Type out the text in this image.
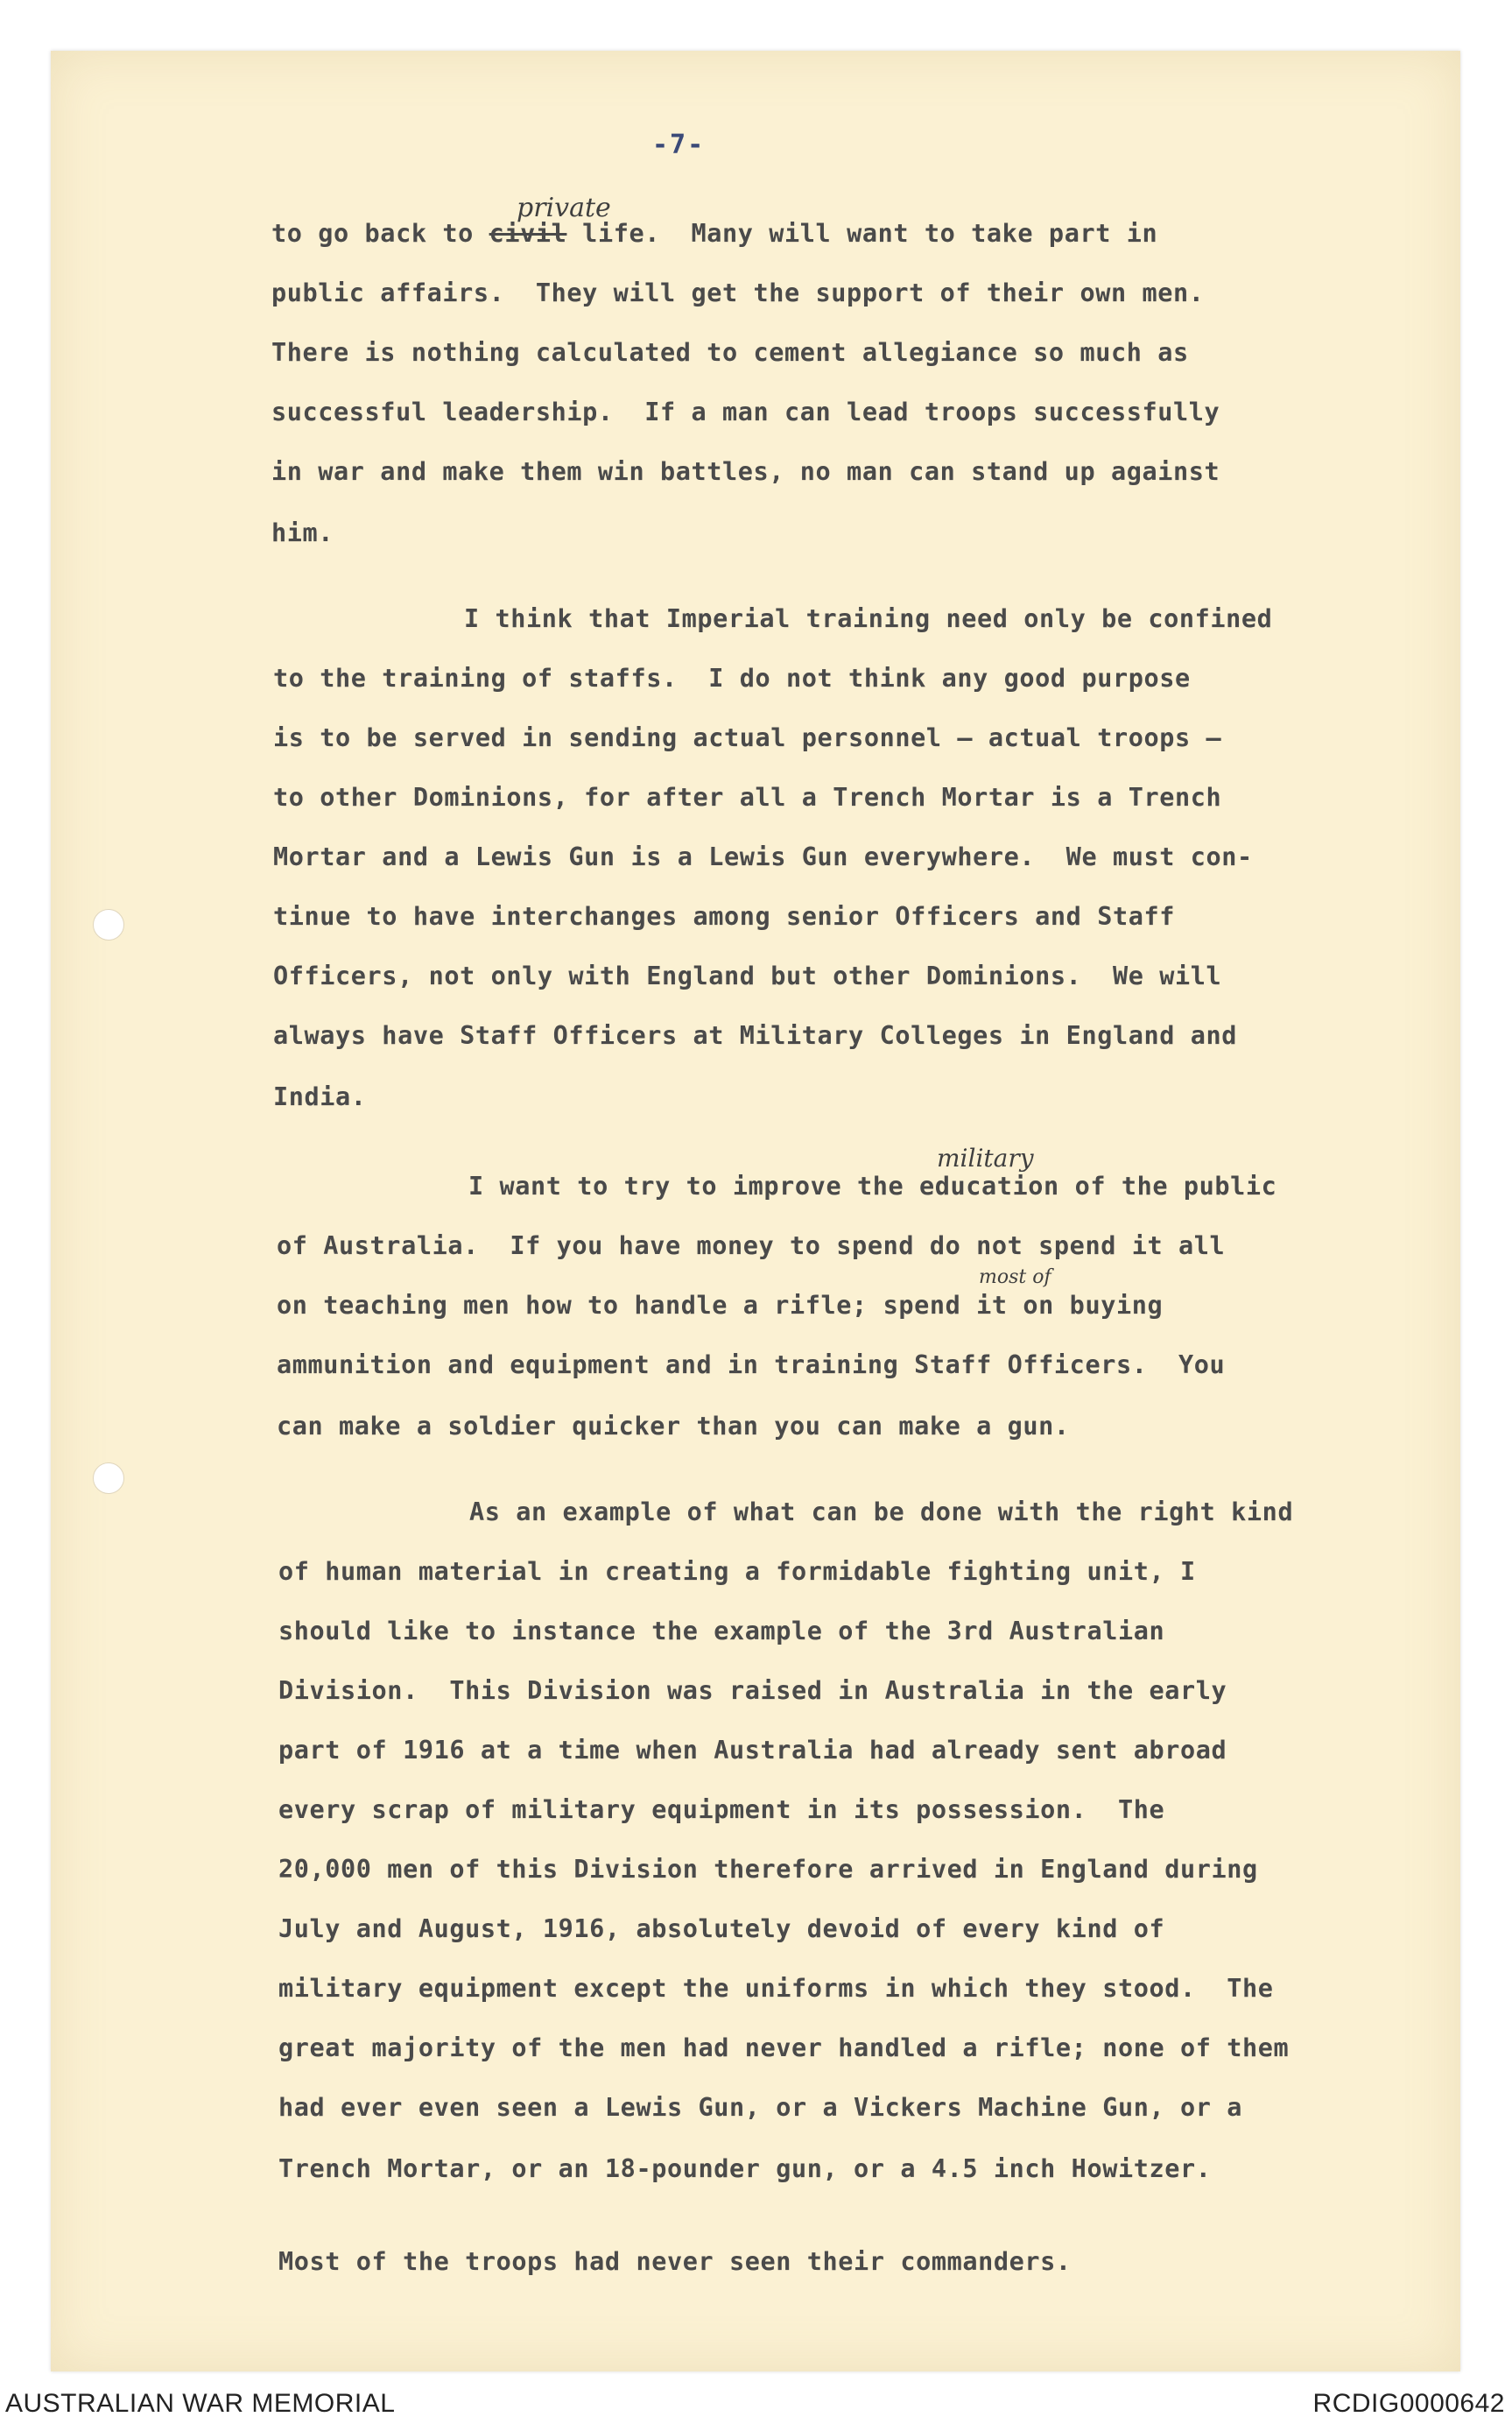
-7-
to go back to civil life.  Many will want to take part in
private
public affairs.  They will get the support of their own men.
There is nothing calculated to cement allegiance so much as
successful leadership.  If a man can lead troops successfully
in war and make them win battles, no man can stand up against
him.
I think that Imperial training need only be confined
to the training of staffs.  I do not think any good purpose
is to be served in sending actual personnel — actual troops —
to other Dominions, for after all a Trench Mortar is a Trench
Mortar and a Lewis Gun is a Lewis Gun everywhere.  We must con-
tinue to have interchanges among senior Officers and Staff
Officers, not only with England but other Dominions.  We will
always have Staff Officers at Military Colleges in England and
India.
military
I want to try to improve the education of the public
of Australia.  If you have money to spend do not spend it all
most of
on teaching men how to handle a rifle; spend it on buying
ammunition and equipment and in training Staff Officers.  You
can make a soldier quicker than you can make a gun.
As an example of what can be done with the right kind
of human material in creating a formidable fighting unit, I
should like to instance the example of the 3rd Australian
Division.  This Division was raised in Australia in the early
part of 1916 at a time when Australia had already sent abroad
every scrap of military equipment in its possession.  The
20,000 men of this Division therefore arrived in England during
July and August, 1916, absolutely devoid of every kind of
military equipment except the uniforms in which they stood.  The
great majority of the men had never handled a rifle; none of them
had ever even seen a Lewis Gun, or a Vickers Machine Gun, or a
Trench Mortar, or an 18-pounder gun, or a 4.5 inch Howitzer.
Most of the troops had never seen their commanders.
AUSTRALIAN WAR MEMORIAL	RCDIG0000642
